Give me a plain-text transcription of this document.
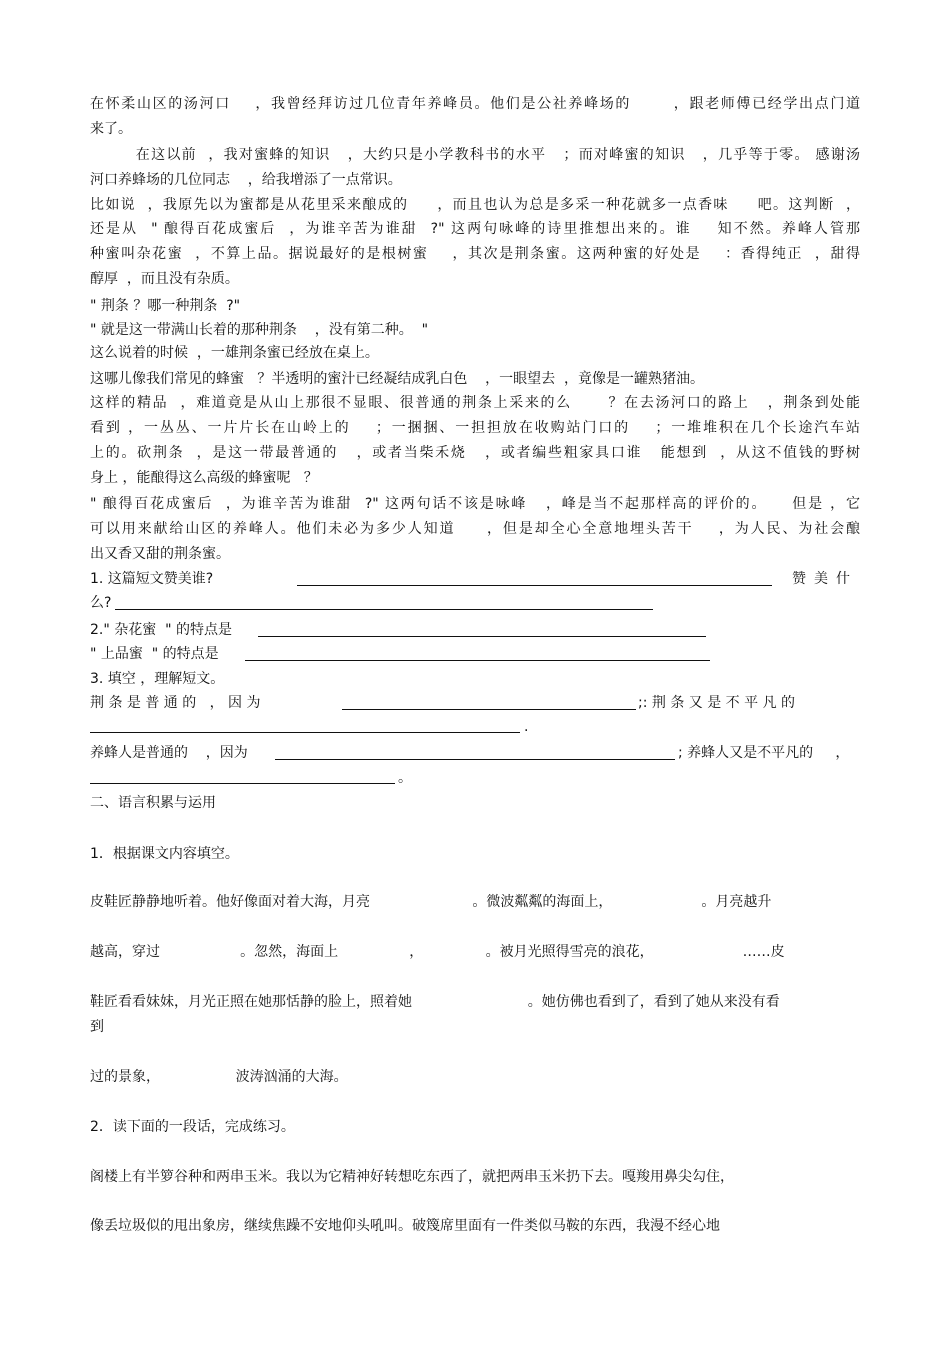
在怀柔山区的汤河口    ，我曾经拜访过几位青年养峰员。他们是公社养峰场的       ，跟老师傅已经学出点门道
来了。
在这以前  ，我对蜜蜂的知识   ，大约只是小学教科书的水平   ；而对峰蜜的知识   ，几乎等于零。 感谢汤
河口养蜂场的几位同志    ，给我增添了一点常识。
比如说  ，我原先以为蜜都是从花里采来酿成的     ，而且也认为总是多采一种花就多一点香味     吧。这判断  ，
还是从  " 酿得百花成蜜后  ，为谁辛苦为谁甜  ?" 这两句咏峰的诗里推想出来的。谁    知不然。养峰人管那
种蜜叫杂花蜜  ，不算上品。据说最好的是根树蜜    ，其次是荆条蜜。这两种蜜的好处是    ：香得纯正  ，甜得
醇厚  ，而且没有杂质。
" 荆条 ？哪一种荆条  ?"
" 就是这一带满山长着的那种荆条    ，没有第二种。  "
这么说着的时候  ，一雄荆条蜜已经放在桌上。
这哪儿像我们常见的蜂蜜   ？半透明的蜜汁已经凝结成乳白色    ，一眼望去  ，竟像是一罐熟猪油。
这样的精品  ，难道竟是从山上那很不显眼、很普通的荆条上采来的么      ？在去汤河口的路上   ，荆条到处能
看到 ，一丛丛、一片片长在山岭上的    ；一捆捆、一担担放在收购站门口的    ；一堆堆积在几个长途汽车站
上的。砍荆条  ，是这一带最普通的   ，或者当柴禾烧   ，或者编些粗家具口谁   能想到  ，从这不值钱的野树
身上 ，能酿得这么高级的蜂蜜呢   ？
" 酿得百花成蜜后  ，为谁辛苦为谁甜  ?" 这两句话不该是咏峰   ，峰是当不起那样高的评价的。    但是 ，它
可以用来献给山区的养峰人。他们未必为多少人知道     ，但是却全心全意地埋头苦干    ，为人民、为社会酿
出又香又甜的荆条蜜。
1. 这篇短文赞美谁?	赞美什
么?
2." 杂花蜜  " 的特点是
" 上品蜜  " 的特点是
3. 填空 ，理解短文。
荆 条 是 普 通 的   ， 因 为	;: 荆 条 又 是 不 平 凡 的
.
养蜂人是普通的    ，因为	; 养蜂人又是不平凡的     ，
。
二、语言积累与运用
1．根据课文内容填空。
皮鞋匠静静地听着。他好像面对着大海，月亮                       。微波粼粼的海面上，                    。月亮越升
越高，穿过                  。忽然，海面上                ，              。被月光照得雪亮的浪花，                    ……皮
鞋匠看看妹妹，月光正照在她那恬静的脸上，照着她                          。她仿佛也看到了，看到了她从来没有看
到
过的景象，                 波涛汹涌的大海。
2．读下面的一段话，完成练习。
阁楼上有半箩谷种和两串玉米。我以为它精神好转想吃东西了，就把两串玉米扔下去。嘎羧用鼻尖勾住，
像丢垃圾似的甩出象房，继续焦躁不安地仰头吼叫。破篾席里面有一件类似马鞍的东西，我漫不经心地
